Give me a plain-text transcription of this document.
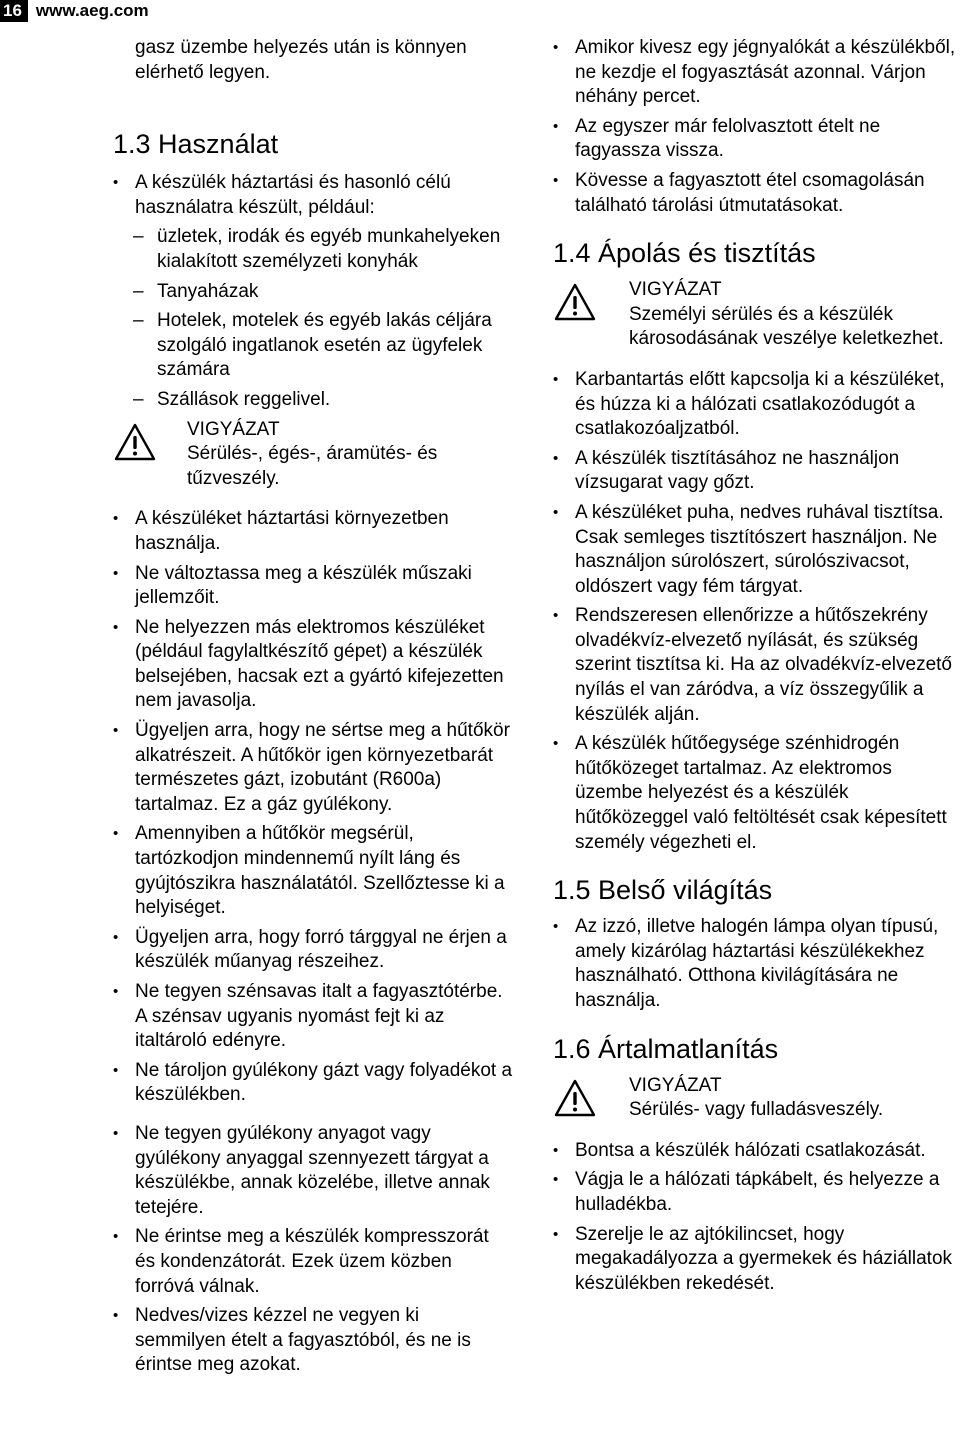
16 www.aeg.com

gasz üzembe helyezés után is könnyen elérhető legyen.

1.3 Használat
• A készülék háztartási és hasonló célú használatra készült, például:
– üzletek, irodák és egyéb munkahelyeken kialakított személyzeti konyhák
– Tanyaházak
– Hotelek, motelek és egyéb lakás céljára szolgáló ingatlanok esetén az ügyfelek számára
– Szállások reggelivel.

VIGYÁZAT

Sérülés-, égés-, áramütés- és tűzveszély.

• A készüléket háztartási környezetben használja.
• Ne változtassa meg a készülék műszaki jellemzőit.
• Ne helyezzen más elektromos készüléket (például fagylaltkészítő gépet) a készülék belsejében, hacsak ezt a gyártó kifejezetten nem javasolja.
• Ügyeljen arra, hogy ne sértse meg a hűtőkör alkatrészeit. A hűtőkör igen környezetbarát természetes gázt, izobutánt (R600a) tartalmaz. Ez a gáz gyúlékony.
• Amennyiben a hűtőkör megsérül, tartózkodjon mindennemű nyílt láng és gyújtószikra használatától. Szellőztesse ki a helyiséget.
• Ügyeljen arra, hogy forró tárggyal ne érjen a készülék műanyag részeihez.
• Ne tegyen szénsavas italt a fagyasztótérbe. A szénsav ugyanis nyomást fejt ki az italtároló edényre.
• Ne tároljon gyúlékony gázt vagy folyadékot a készülékben.
• Ne tegyen gyúlékony anyagot vagy gyúlékony anyaggal szennyezett tárgyat a készülékbe, annak közelébe, illetve annak tetejére.
• Ne érintse meg a készülék kompresszorát és kondenzátorát. Ezek üzem közben forróvá válnak.
• Nedves/vizes kézzel ne vegyen ki semmilyen ételt a fagyasztóból, és ne is érintse meg azokat.
• Amikor kivesz egy jégnyalókát a készülékből, ne kezdje el fogyasztását azonnal. Várjon néhány percet.
• Az egyszer már felolvasztott ételt ne fagyassza vissza.
• Kövesse a fagyasztott étel csomagolásán található tárolási útmutatásokat.
1.4 Ápolás és tisztítás

VIGYÁZAT

Személyi sérülés és a készülék károsodásának veszélye keletkezhet.

• Karbantartás előtt kapcsolja ki a készüléket, és húzza ki a hálózati csatlakozódugót a csatlakozóaljzatból.
• A készülék tisztításához ne használjon vízsugarat vagy gőzt.
• A készüléket puha, nedves ruhával tisztítsa. Csak semleges tisztítószert használjon. Ne használjon súrolószert, súrolószivacsot, oldószert vagy fém tárgyat.
• Rendszeresen ellenőrizze a hűtőszekrény olvadékvíz-elvezető nyílását, és szükség szerint tisztítsa ki. Ha az olvadékvíz-elvezető nyílás el van záródva, a víz összegyűlik a készülék alján.
• A készülék hűtőegysége szénhidrogén hűtőközeget tartalmaz. Az elektromos üzembe helyezést és a készülék hűtőközeggel való feltöltését csak képesített személy végezheti el.
1.5 Belső világítás
• Az izzó, illetve halogén lámpa olyan típusú, amely kizárólag háztartási készülékekhez használható. Otthona kivilágítására ne használja.
1.6 Ártalmatlanítás

VIGYÁZAT

Sérülés- vagy fulladásveszély.

• Bontsa a készülék hálózati csatlakozását.
• Vágja le a hálózati tápkábelt, és helyezze a hulladékba.
• Szerelje le az ajtókilincset, hogy megakadályozza a gyermekek és háziállatok készülékben rekedését.
